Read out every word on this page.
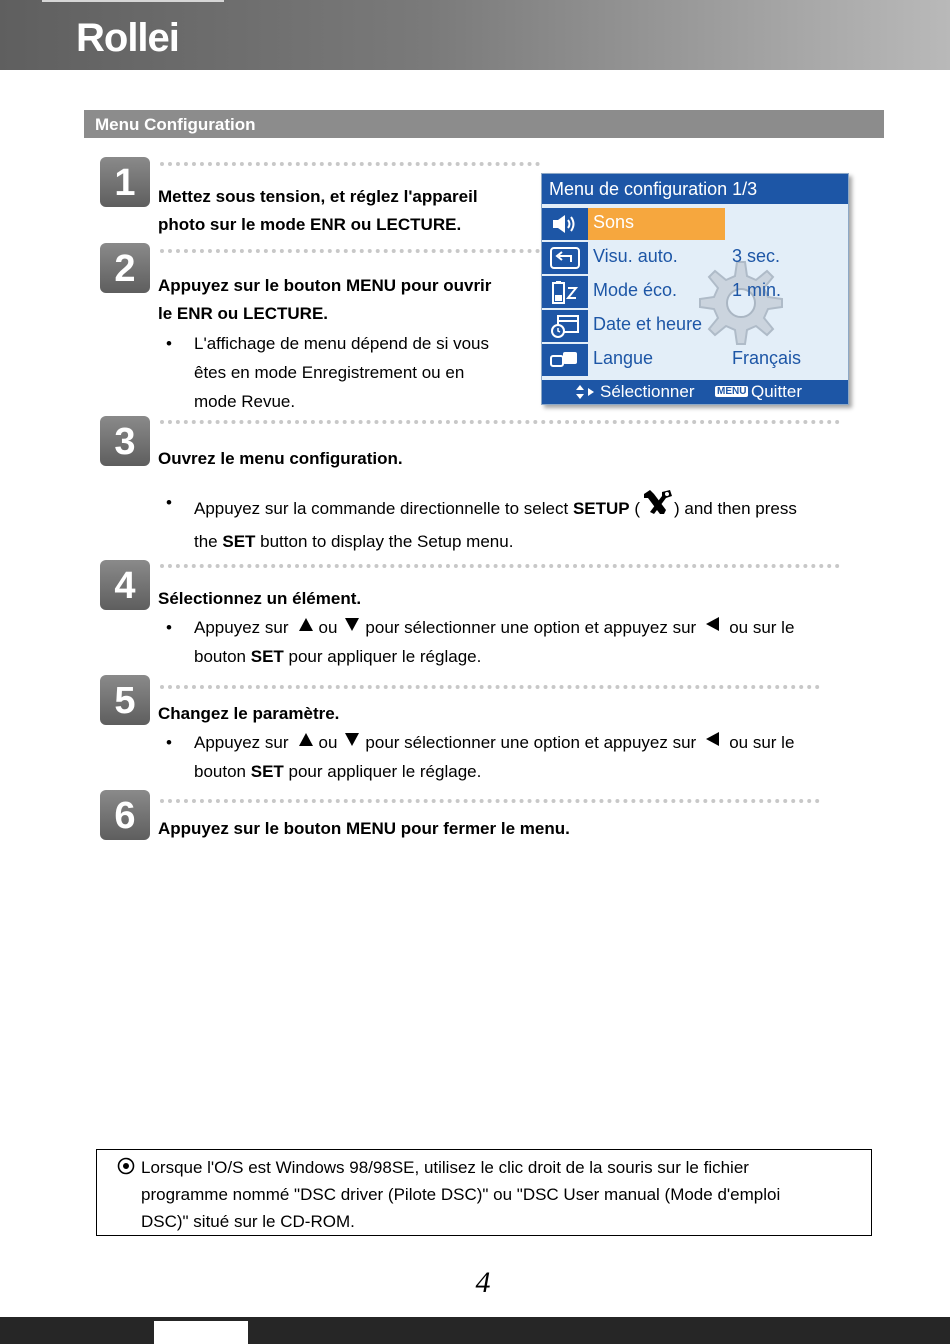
Rollei
Menu Configuration
1	Mettez sous tension, et réglez l'appareil
photo sur le mode ENR ou LECTURE.
2	Appuyez sur le bouton MENU pour ouvrir
le ENR ou LECTURE.
• L'affichage de menu dépend de si vous
êtes en mode Enregistrement ou en
mode Revue.
Menu de configuration 1/3
Sons
Visu. auto.	3 sec.
Mode éco.	1 min.
Date et heure
Langue	Français
Sélectionner MENU Quitter
3	Ouvrez le menu configuration.
• Appuyez sur la commande directionnelle to select SETUP ( ) and then press
the SET button to display the Setup menu.
4	Sélectionnez un élément.
• Appuyez sur ou pour sélectionner une option et appuyez sur ou sur le
bouton SET pour appliquer le réglage.
5	Changez le paramètre.
• Appuyez sur ou pour sélectionner une option et appuyez sur ou sur le
bouton SET pour appliquer le réglage.
6	Appuyez sur le bouton MENU pour fermer le menu.
Lorsque l'O/S est Windows 98/98SE, utilisez le clic droit de la souris sur le fichier
programme nommé "DSC driver (Pilote DSC)" ou "DSC User manual (Mode d'emploi
DSC)" situé sur le CD-ROM.
4
